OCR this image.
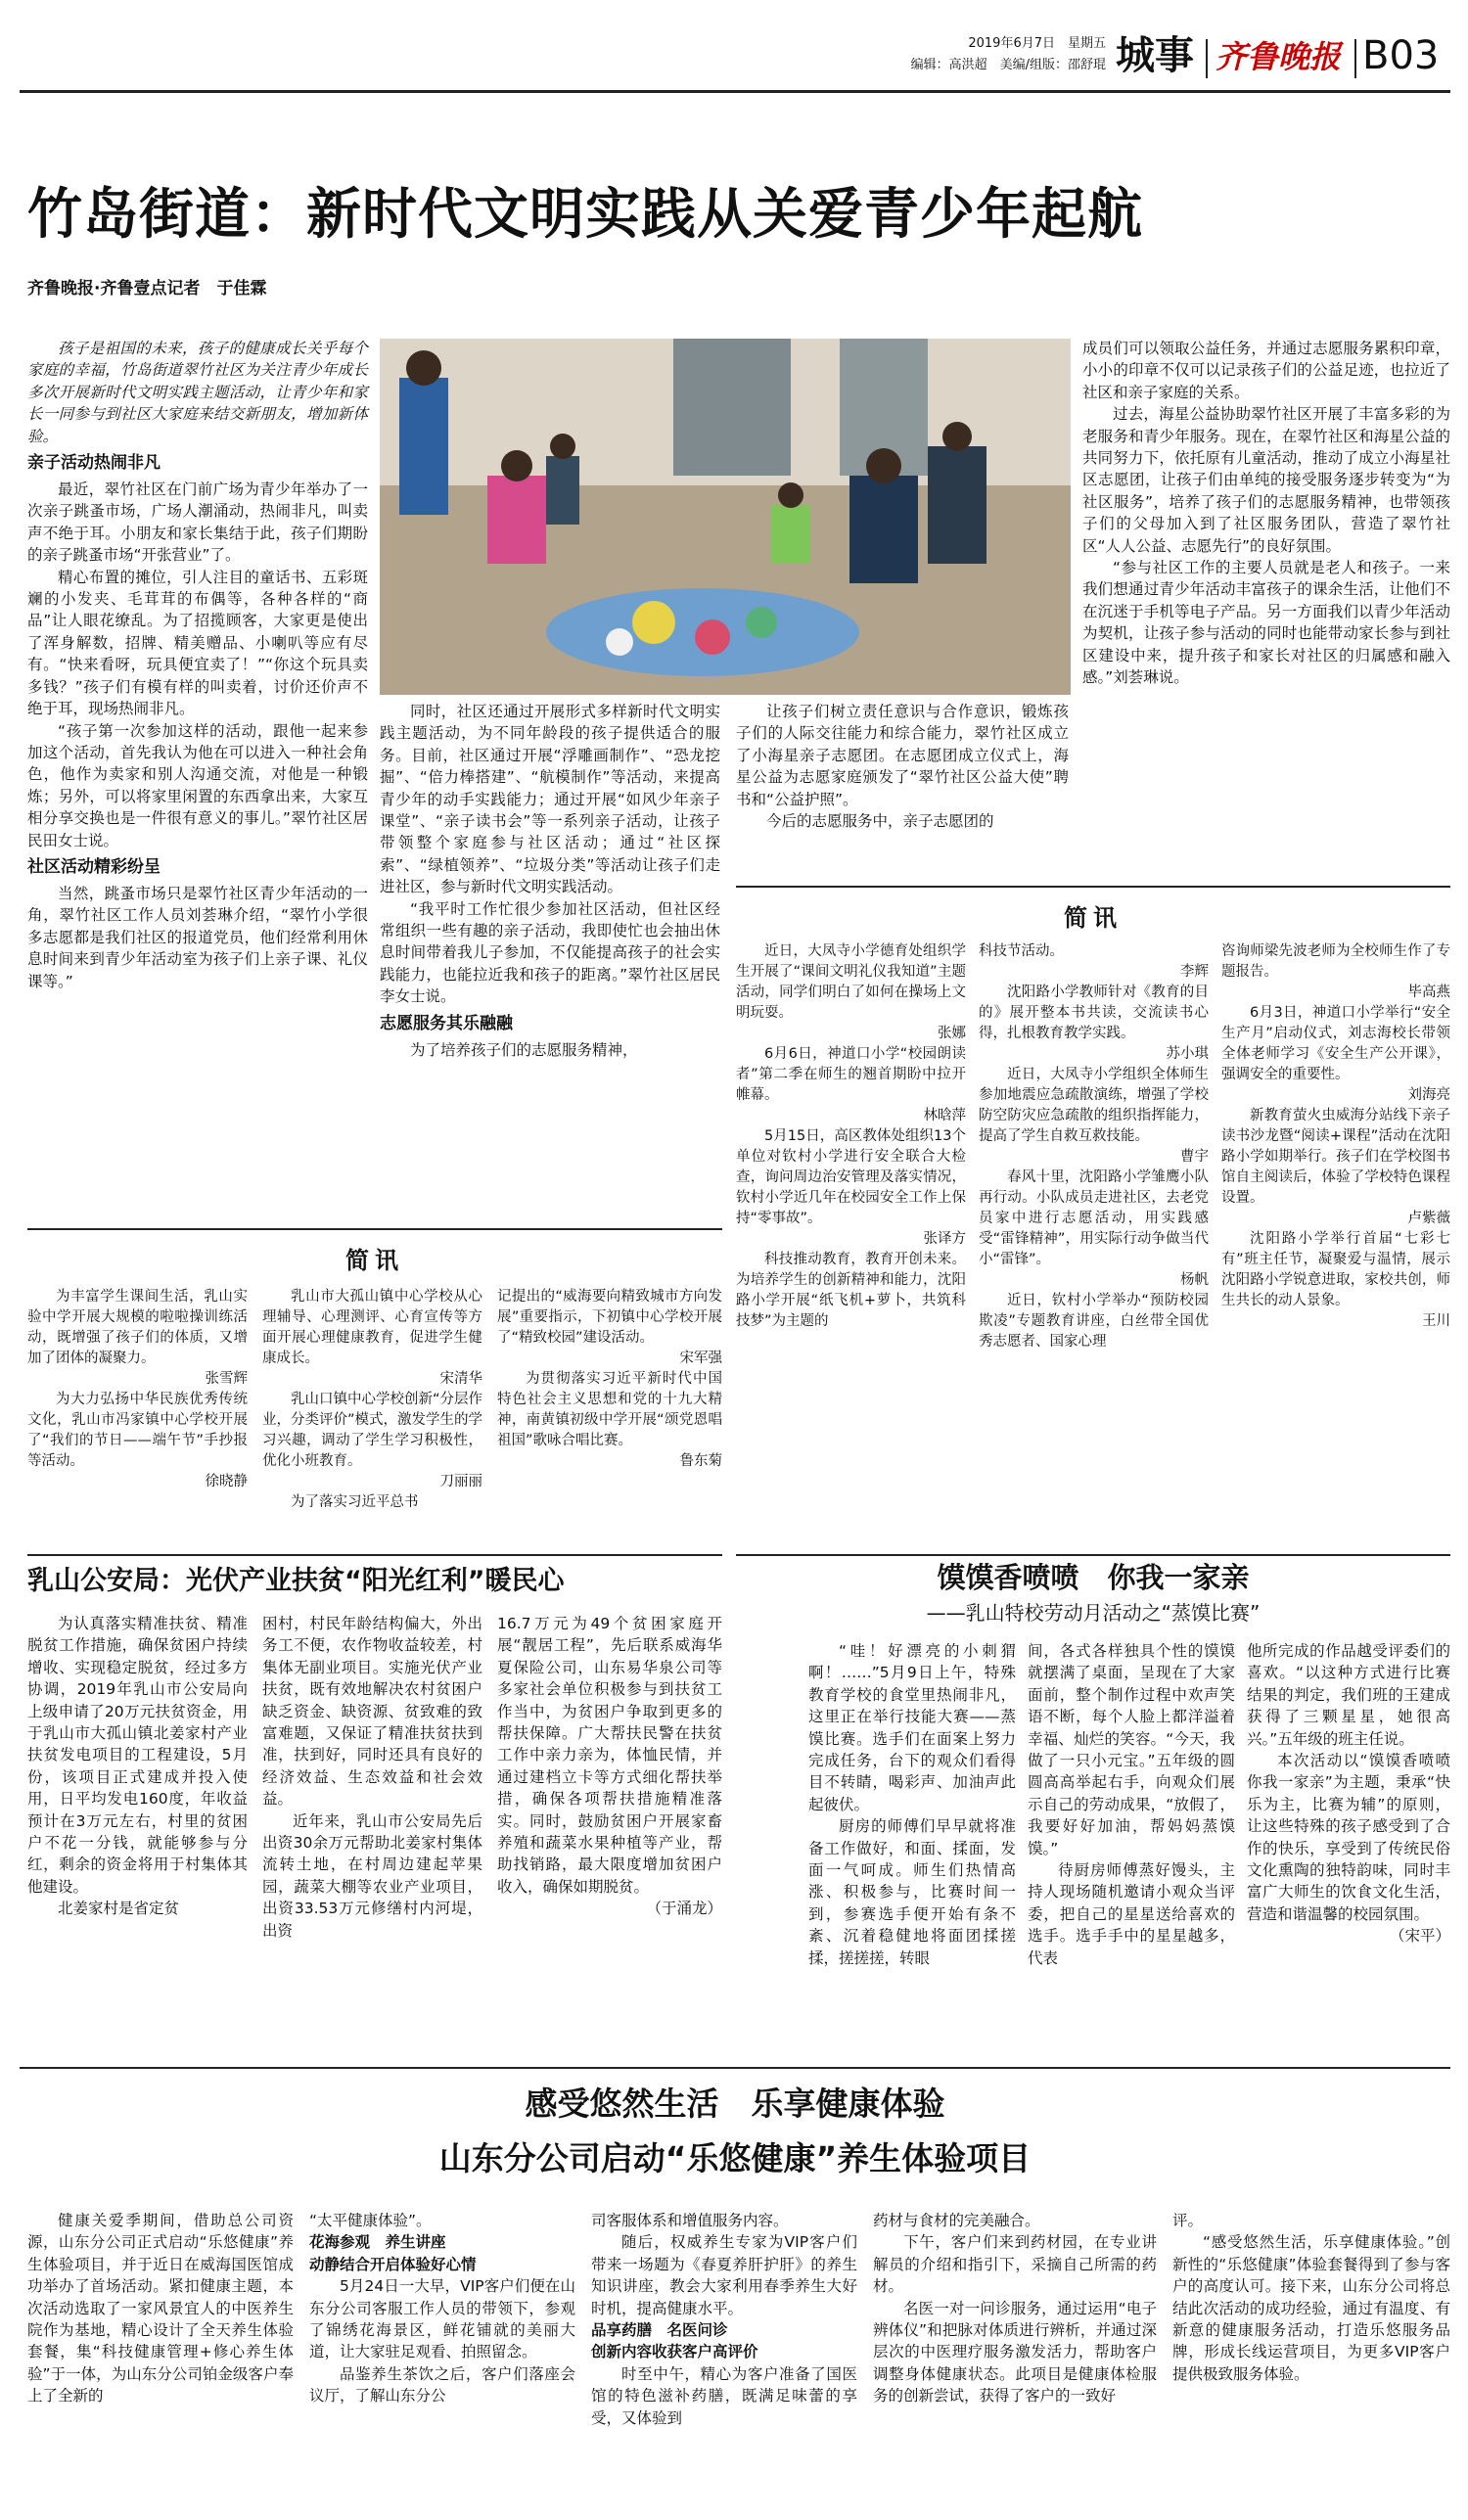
2019年6月7日　星期五
编辑：高洪超　美编/组版：邵舒琨 城事 齐鲁晚报 B03
竹岛街道：新时代文明实践从关爱青少年起航
齐鲁晚报·齐鲁壹点记者　于佳霖
孩子是祖国的未来，孩子的健康成长关乎每个家庭的幸福，竹岛街道翠竹社区为关注青少年成长多次开展新时代文明实践主题活动，让青少年和家长一同参与到社区大家庭来结交新朋友，增加新体验。
亲子活动热闹非凡

最近，翠竹社区在门前广场为青少年举办了一次亲子跳蚤市场，广场人潮涌动，热闹非凡，叫卖声不绝于耳。小朋友和家长集结于此，孩子们期盼的亲子跳蚤市场“开张营业”了。

精心布置的摊位，引人注目的童话书、五彩斑斓的小发夹、毛茸茸的布偶等，各种各样的“商品”让人眼花缭乱。为了招揽顾客，大家更是使出了浑身解数，招牌、精美赠品、小喇叭等应有尽有。“快来看呀，玩具便宜卖了！”“你这个玩具卖多钱？”孩子们有模有样的叫卖着，讨价还价声不绝于耳，现场热闹非凡。

“孩子第一次参加这样的活动，跟他一起来参加这个活动，首先我认为他在可以进入一种社会角色，他作为卖家和别人沟通交流，对他是一种锻炼；另外，可以将家里闲置的东西拿出来，大家互相分享交换也是一件很有意义的事儿。”翠竹社区居民田女士说。

社区活动精彩纷呈

当然，跳蚤市场只是翠竹社区青少年活动的一角，翠竹社区工作人员刘荟琳介绍，“翠竹小学很多志愿都是我们社区的报道党员，他们经常利用休息时间来到青少年活动室为孩子们上亲子课、礼仪课等。”

同时，社区还通过开展形式多样新时代文明实践主题活动，为不同年龄段的孩子提供适合的服务。目前，社区通过开展“浮雕画制作”、“恐龙挖掘”、“倍力棒搭建”、“航模制作”等活动，来提高青少年的动手实践能力；通过开展“如风少年亲子课堂”、“亲子读书会”等一系列亲子活动，让孩子带领整个家庭参与社区活动；通过“社区探索”、“绿植领养”、“垃圾分类”等活动让孩子们走进社区，参与新时代文明实践活动。

“我平时工作忙很少参加社区活动，但社区经常组织一些有趣的亲子活动，我即使忙也会抽出休息时间带着我儿子参加，不仅能提高孩子的社会实践能力，也能拉近我和孩子的距离。”翠竹社区居民李女士说。

志愿服务其乐融融

为了培养孩子们的志愿服务精神，

让孩子们树立责任意识与合作意识，锻炼孩子们的人际交往能力和综合能力，翠竹社区成立了小海星亲子志愿团。在志愿团成立仪式上，海星公益为志愿家庭颁发了“翠竹社区公益大使”聘书和“公益护照”。

今后的志愿服务中，亲子志愿团的

成员们可以领取公益任务，并通过志愿服务累积印章，小小的印章不仅可以记录孩子们的公益足迹，也拉近了社区和亲子家庭的关系。

过去，海星公益协助翠竹社区开展了丰富多彩的为老服务和青少年服务。现在，在翠竹社区和海星公益的共同努力下，依托原有儿童活动，推动了成立小海星社区志愿团，让孩子们由单纯的接受服务逐步转变为“为社区服务”，培养了孩子们的志愿服务精神，也带领孩子们的父母加入到了社区服务团队，营造了翠竹社区“人人公益、志愿先行”的良好氛围。

“参与社区工作的主要人员就是老人和孩子。一来我们想通过青少年活动丰富孩子的课余生活，让他们不在沉迷于手机等电子产品。另一方面我们以青少年活动为契机，让孩子参与活动的同时也能带动家长参与到社区建设中来，提升孩子和家长对社区的归属感和融入感。”刘荟琳说。

简讯

为丰富学生课间生活，乳山实验中学开展大规模的啦啦操训练活动，既增强了孩子们的体质，又增加了团体的凝聚力。

张雪辉

为大力弘扬中华民族优秀传统文化，乳山市冯家镇中心学校开展了“我们的节日——端午节”手抄报等活动。

徐晓静

乳山市大孤山镇中心学校从心理辅导、心理测评、心育宣传等方面开展心理健康教育，促进学生健康成长。

宋清华

乳山口镇中心学校创新“分层作业，分类评价”模式，激发学生的学习兴趣，调动了学生学习积极性，优化小班教育。

刀丽丽

为了落实习近平总书

记提出的“威海要向精致城市方向发展”重要指示，下初镇中心学校开展了“精致校园”建设活动。

宋军强

为贯彻落实习近平新时代中国特色社会主义思想和党的十九大精神，南黄镇初级中学开展“颂党恩唱祖国”歌咏合唱比赛。

鲁东菊

简讯

近日，大凤寺小学德育处组织学生开展了“课间文明礼仪我知道”主题活动，同学们明白了如何在操场上文明玩耍。

张娜

6月6日，神道口小学“校园朗读者”第二季在师生的翘首期盼中拉开帷幕。

林晗萍

5月15日，高区教体处组织13个单位对钦村小学进行安全联合大检查，询问周边治安管理及落实情况，钦村小学近几年在校园安全工作上保持“零事故”。

张译方

科技推动教育，教育开创未来。为培养学生的创新精神和能力，沈阳路小学开展“纸飞机+萝卜，共筑科技梦”为主题的

科技节活动。

李辉

沈阳路小学教师针对《教育的目的》展开整本书共读，交流读书心得，扎根教育教学实践。

苏小琪

近日，大凤寺小学组织全体师生参加地震应急疏散演练，增强了学校防空防灾应急疏散的组织指挥能力，提高了学生自救互救技能。

曹宇

春风十里，沈阳路小学雏鹰小队再行动。小队成员走进社区，去老党员家中进行志愿活动，用实践感受“雷锋精神”，用实际行动争做当代小“雷锋”。

杨帆

近日，钦村小学举办“预防校园欺凌”专题教育讲座，白丝带全国优秀志愿者、国家心理

咨询师梁先波老师为全校师生作了专题报告。

毕高燕

6月3日，神道口小学举行“安全生产月”启动仪式，刘志海校长带领全体老师学习《安全生产公开课》，强调安全的重要性。

刘海亮

新教育萤火虫威海分站线下亲子读书沙龙暨“阅读+课程”活动在沈阳路小学如期举行。孩子们在学校图书馆自主阅读后，体验了学校特色课程设置。

卢紫薇

沈阳路小学举行首届“七彩七有”班主任节，凝聚爱与温情，展示沈阳路小学锐意进取，家校共创，师生共长的动人景象。

王川

乳山公安局：光伏产业扶贫“阳光红利”暖民心

为认真落实精准扶贫、精准脱贫工作措施，确保贫困户持续增收、实现稳定脱贫，经过多方协调，2019年乳山市公安局向上级申请了20万元扶贫资金，用于乳山市大孤山镇北姜家村产业扶贫发电项目的工程建设，5月份，该项目正式建成并投入使用，日平均发电160度，年收益预计在3万元左右，村里的贫困户不花一分钱，就能够参与分红，剩余的资金将用于村集体其他建设。

北姜家村是省定贫

困村，村民年龄结构偏大，外出务工不便，农作物收益较差，村集体无副业项目。实施光伏产业扶贫，既有效地解决农村贫困户缺乏资金、缺资源、贫致难的致富难题，又保证了精准扶贫扶到准，扶到好，同时还具有良好的经济效益、生态效益和社会效益。

近年来，乳山市公安局先后出资30余万元帮助北姜家村集体流转土地，在村周边建起苹果园，蔬菜大棚等农业产业项目，出资33.53万元修缮村内河堤，出资

16.7万元为49个贫困家庭开展“靓居工程”，先后联系威海华夏保险公司，山东易华泉公司等多家社会单位积极参与到扶贫工作当中，为贫困户争取到更多的帮扶保障。广大帮扶民警在扶贫工作中亲力亲为，体恤民情，并通过建档立卡等方式细化帮扶举措，确保各项帮扶措施精准落实。同时，鼓励贫困户开展家畜养殖和蔬菜水果种植等产业，帮助找销路，最大限度增加贫困户收入，确保如期脱贫。

（于涌龙）

馍馍香喷喷　你我一家亲
——乳山特校劳动月活动之“蒸馍比赛”

“哇！好漂亮的小刺猬啊！……”5月9日上午，特殊教育学校的食堂里热闹非凡，这里正在举行技能大赛——蒸馍比赛。选手们在面案上努力完成任务，台下的观众们看得目不转睛，喝彩声、加油声此起彼伏。

厨房的师傅们早早就将准备工作做好，和面、揉面，发面一气呵成。师生们热情高涨、积极参与，比赛时间一到，参赛选手便开始有条不紊、沉着稳健地将面团揉搓揉，搓搓搓，转眼

间，各式各样独具个性的馍馍就摆满了桌面，呈现在了大家面前，整个制作过程中欢声笑语不断，每个人脸上都洋溢着幸福、灿烂的笑容。“今天，我做了一只小元宝。”五年级的圆圆高高举起右手，向观众们展示自己的劳动成果，“放假了，我要好好加油，帮妈妈蒸馍馍。”

待厨房师傅蒸好馒头，主持人现场随机邀请小观众当评委，把自己的星星送给喜欢的选手。选手手中的星星越多，代表

他所完成的作品越受评委们的喜欢。“以这种方式进行比赛结果的判定，我们班的王建成获得了三颗星星，她很高兴。”五年级的班主任说。

本次活动以“馍馍香喷喷　你我一家亲”为主题，秉承“快乐为主，比赛为辅”的原则，让这些特殊的孩子感受到了合作的快乐，享受到了传统民俗文化熏陶的独特韵味，同时丰富广大师生的饮食文化生活，营造和谐温馨的校园氛围。

（宋平）

感受悠然生活　乐享健康体验
山东分公司启动“乐悠健康”养生体验项目

健康关爱季期间，借助总公司资源，山东分公司正式启动“乐悠健康”养生体验项目，并于近日在威海国医馆成功举办了首场活动。紧扣健康主题，本次活动选取了一家风景宜人的中医养生院作为基地，精心设计了全天养生体验套餐，集“科技健康管理+修心养生体验”于一体，为山东分公司铂金级客户奉上了全新的

“太平健康体验”。

花海参观　养生讲座
动静结合开启体验好心情

5月24日一大早，VIP客户们便在山东分公司客服工作人员的带领下，参观了锦绣花海景区，鲜花铺就的美丽大道，让大家驻足观看、拍照留念。

品鉴养生茶饮之后，客户们落座会议厅，了解山东分公

司客服体系和增值服务内容。

随后，权威养生专家为VIP客户们带来一场题为《春夏养肝护肝》的养生知识讲座，教会大家利用春季养生大好时机，提高健康水平。

品享药膳　名医问诊
创新内容收获客户高评价

时至中午，精心为客户准备了国医馆的特色滋补药膳，既满足味蕾的享受，又体验到

药材与食材的完美融合。

下午，客户们来到药材园，在专业讲解员的介绍和指引下，采摘自己所需的药材。

名医一对一问诊服务，通过运用“电子辨体仪”和把脉对体质进行辨析，并通过深层次的中医理疗服务激发活力，帮助客户调整身体健康状态。此项目是健康体检服务的创新尝试，获得了客户的一致好

评。

“感受悠然生活，乐享健康体验。”创新性的“乐悠健康”体验套餐得到了参与客户的高度认可。接下来，山东分公司将总结此次活动的成功经验，通过有温度、有新意的健康服务活动，打造乐悠服务品牌，形成长线运营项目，为更多VIP客户提供极致服务体验。
